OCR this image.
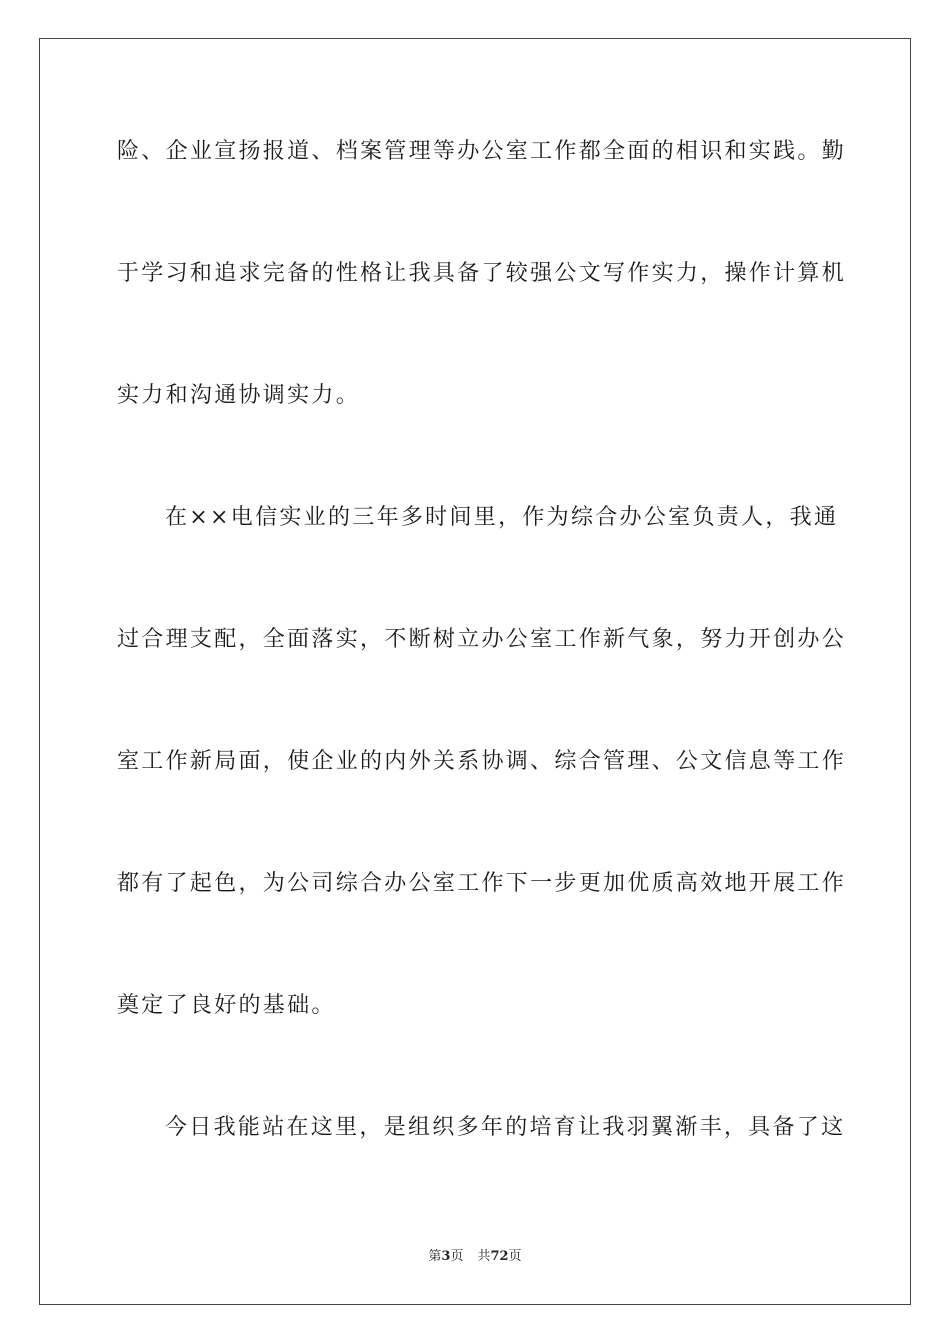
险、企业宣扬报道、档案管理等办公室工作都全面的相识和实践。勤
于学习和追求完备的性格让我具备了较强公文写作实力，操作计算机
实力和沟通协调实力。
在××电信实业的三年多时间里，作为综合办公室负责人，我通
过合理支配，全面落实，不断树立办公室工作新气象，努力开创办公
室工作新局面，使企业的内外关系协调、综合管理、公文信息等工作
都有了起色，为公司综合办公室工作下一步更加优质高效地开展工作
奠定了良好的基础。
今日我能站在这里，是组织多年的培育让我羽翼渐丰，具备了这
第3页 共72页
